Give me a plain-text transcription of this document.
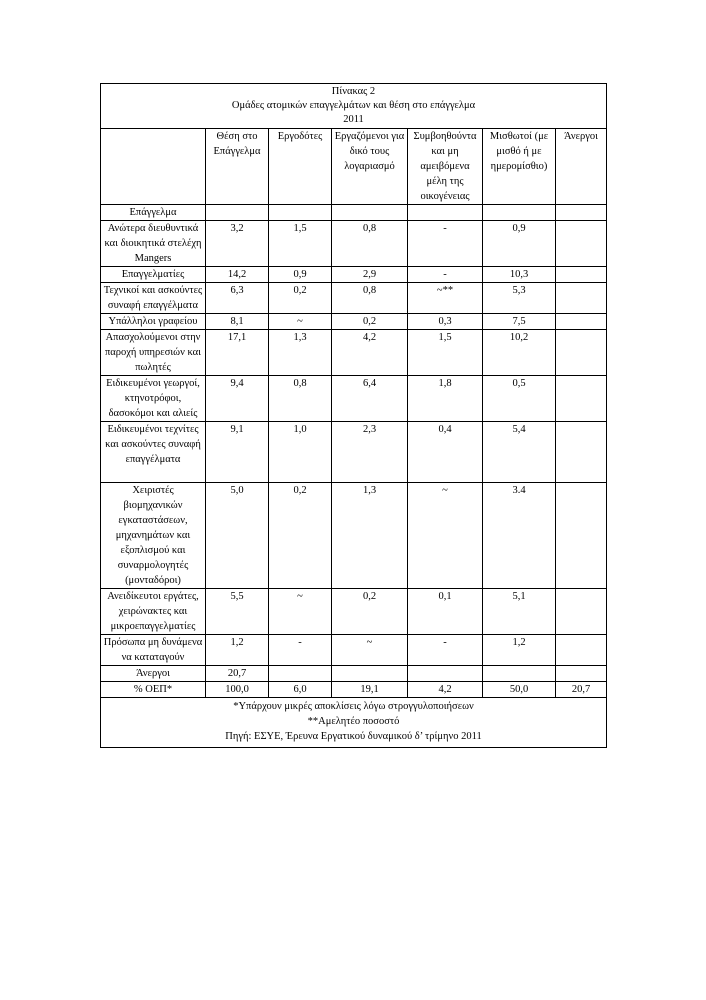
Πίνακας 2
Ομάδες ατομικών επαγγελμάτων και θέση στο επάγγελμα
2011						

	Θέση στο Επάγγελμα	Εργοδότες	Εργαζόμενοι για δικό τους λογαριασμό	Συμβοηθούντα και μη αμειβόμενα μέλη της οικογένειας	Μισθωτοί (με μισθό ή με ημερομίσθιο)	Άνεργοι
Επάγγελμα						
Ανώτερα διευθυντικά και διοικητικά στελέχη Mangers	3,2	1,5	0,8	-	0,9	
Επαγγελματίες	14,2	0,9	2,9	-	10,3	
Τεχνικοί και ασκούντες συναφή επαγγέλματα	6,3	0,2	0,8	~**	5,3	
Υπάλληλοι γραφείου	8,1	~	0,2	0,3	7,5	
Απασχολούμενοι στην παροχή υπηρεσιών και πωλητές	17,1	1,3	4,2	1,5	10,2	
Ειδικευμένοι γεωργοί, κτηνοτρόφοι, δασοκόμοι και αλιείς	9,4	0,8	6,4	1,8	0,5	
Ειδικευμένοι τεχνίτες και ασκούντες συναφή επαγγέλματα	9,1	1,0	2,3	0,4	5,4	
Χειριστές βιομηχανικών εγκαταστάσεων, μηχανημάτων και εξοπλισμού και συναρμολογητές (μονταδόροι)	5,0	0,2	1,3	~	3.4	
Ανειδίκευτοι εργάτες, χειρώνακτες και μικροεπαγγελματίες	5,5	~	0,2	0,1	5,1	
Πρόσωπα μη δυνάμενα να καταταγούν	1,2	-	~	-	1,2	
Άνεργοι	20,7					
% ΟΕΠ*	100,0	6,0	19,1	4,2	50,0	20,7

*Υπάρχουν μικρές αποκλίσεις λόγω στρογγυλοποιήσεων
**Αμελητέο ποσοστό
Πηγή: ΕΣΥΕ, Έρευνα Εργατικού δυναμικού δ’ τρίμηνο 2011						
